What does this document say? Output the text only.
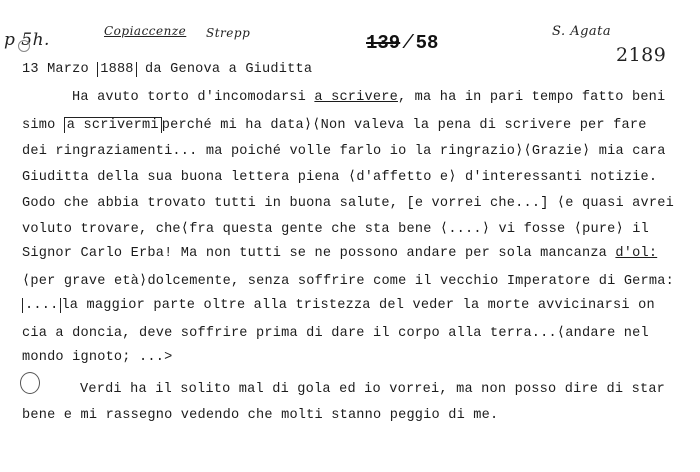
p 5h.	Copiaccenze Strepp	139 / 58
S. Agata
2189
13 Marzo 1888 da Genova a Giuditta
Ha avuto torto d'incomodarsi a scrivere, ma ha in pari tempo fatto beni
simo a scrivermi perché mi ha data⟩⟨Non valeva la pena di scrivere per fare
dei ringraziamenti... ma poiché volle farlo io la ringrazio⟩⟨Grazie⟩ mia cara
Giuditta della sua buona lettera piena ⟨d'affetto e⟩ d'interessanti notizie.
Godo che abbia trovato tutti in buona salute, [e vorrei che...] ⟨e quasi avrei
voluto trovare, che⟨fra questa gente che sta bene ⟨....⟩ vi fosse ⟨pure⟩ il
Signor Carlo Erba! Ma non tutti se ne possono andare per sola mancanza d'ol:
⟨per grave età⟩dolcemente, senza soffrire come il vecchio Imperatore di Germa:
.... la maggior parte oltre alla tristezza del veder la morte avvicinarsi on
cia a doncia, deve soffrire prima di dare il corpo alla terra...⟨andare nel
mondo ignoto; ...>
Verdi ha il solito mal di gola ed io vorrei, ma non posso dire di star
bene e mi rassegno vedendo che molti stanno peggio di me.
